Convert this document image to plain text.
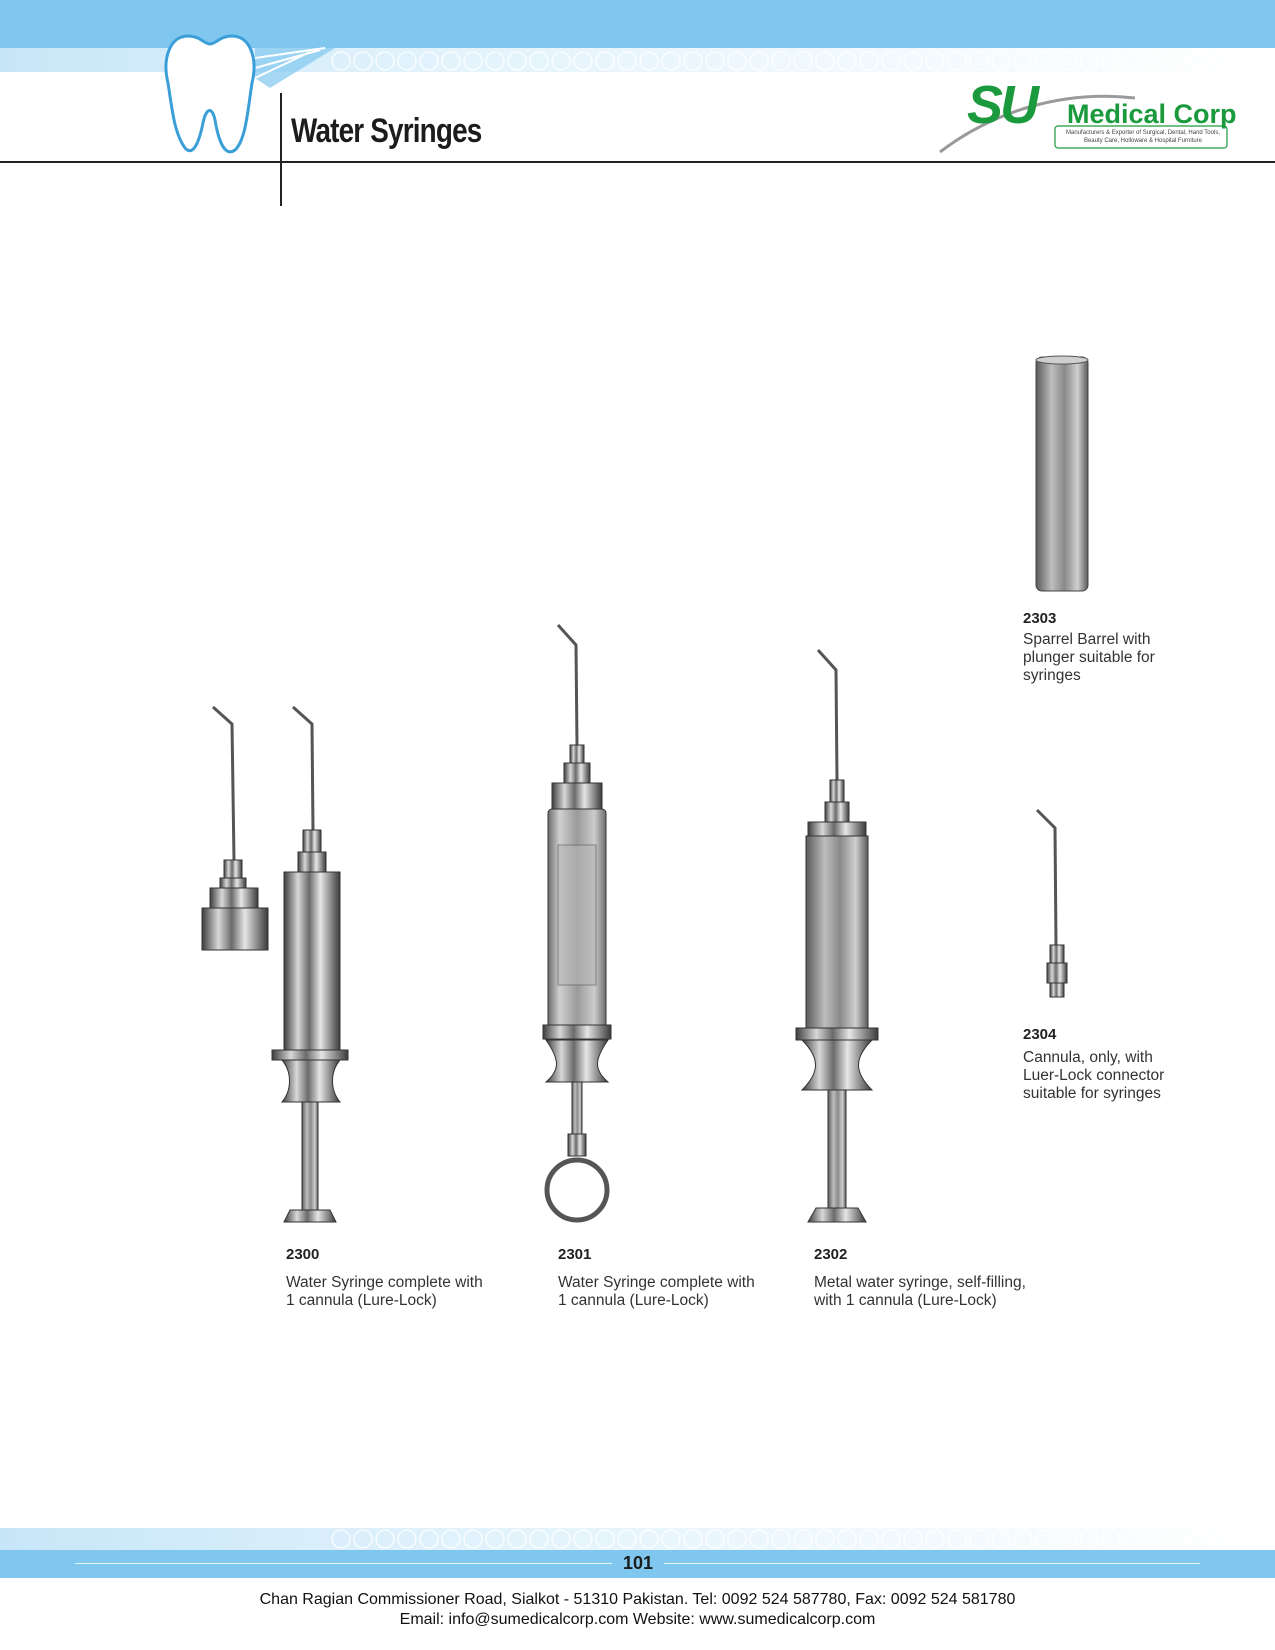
Water Syringes	SU Medical Corp
Manufacturers & Exporter of Surgical, Dental, Hand Tools,
Beauty Care, Holloware & Hospital Furniture
2300
Water Syringe complete with
1 cannula (Lure-Lock)
2301
Water Syringe complete with
1 cannula (Lure-Lock)
2302
Metal water syringe, self-filling,
with 1 cannula (Lure-Lock)
2303
Sparrel Barrel with
plunger suitable for
syringes
2304
Cannula, only, with
Luer-Lock connector
suitable for syringes
101
Chan Ragian Commissioner Road, Sialkot - 51310 Pakistan. Tel: 0092 524 587780, Fax: 0092 524 581780
Email: info@sumedicalcorp.com Website: www.sumedicalcorp.com
